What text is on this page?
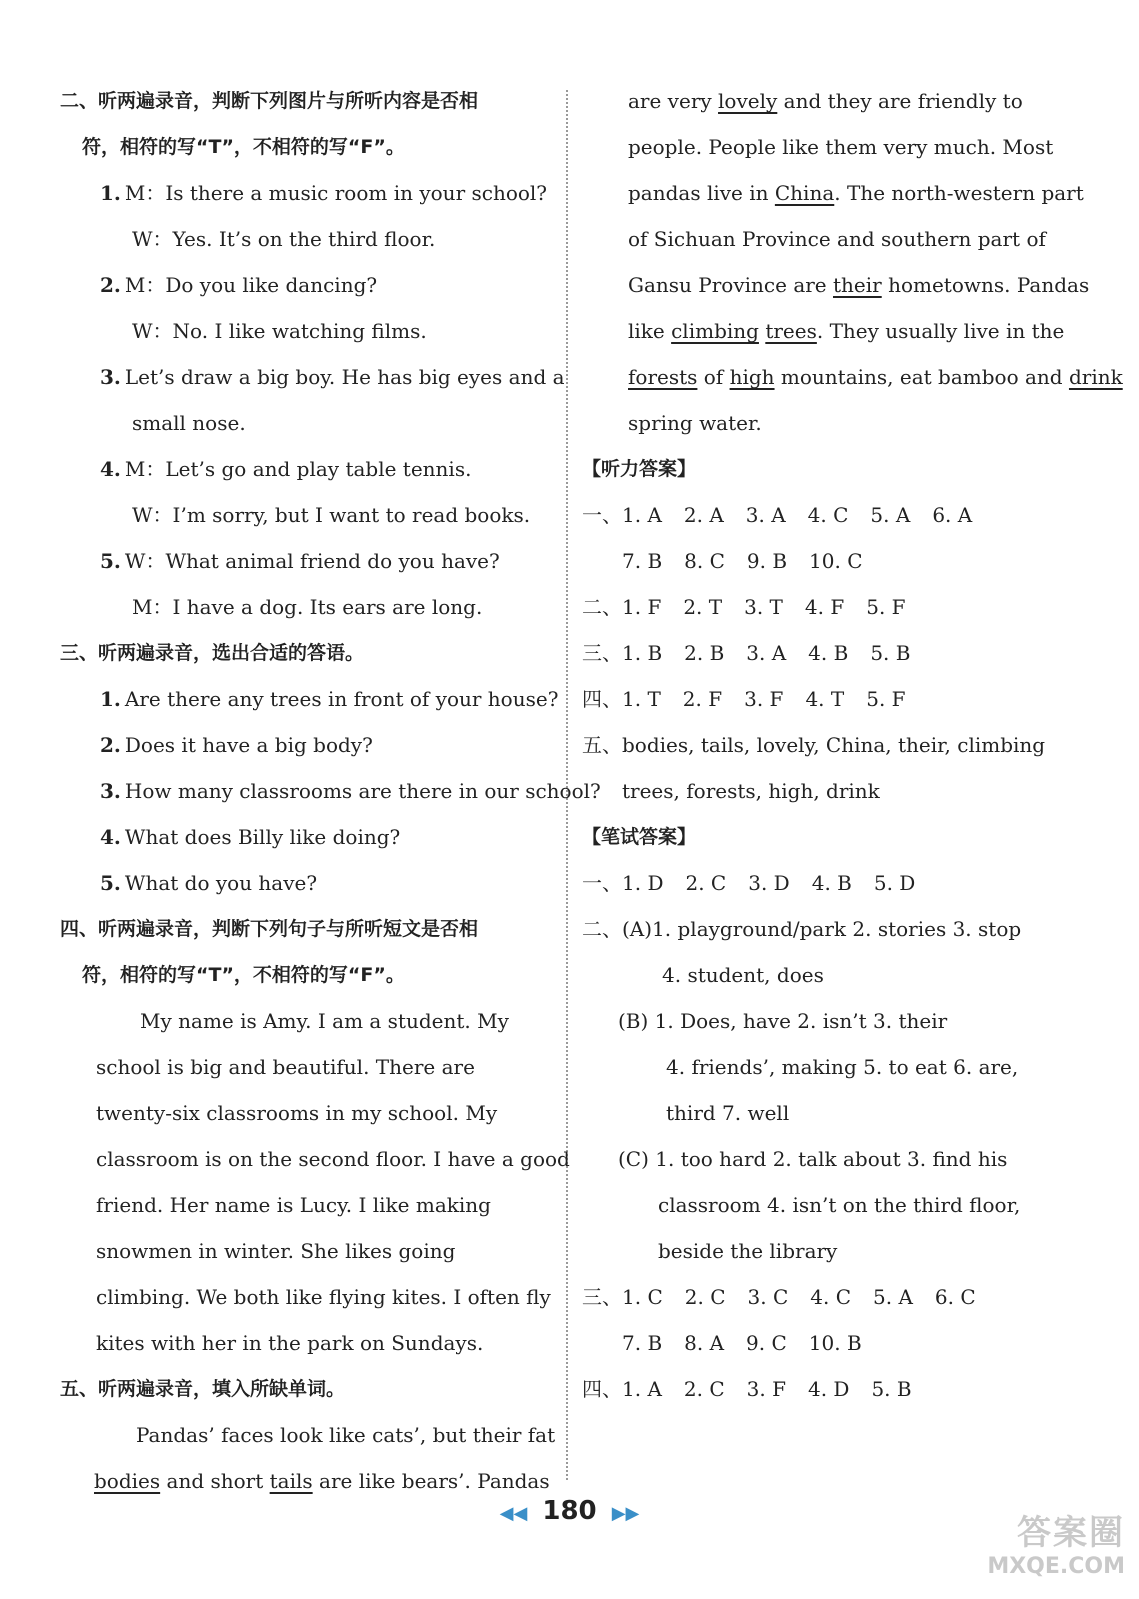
二、听两遍录音，判断下列图片与所听内容是否相
符，相符的写“T”，不相符的写“F”。
1. M：Is there a music room in your school?
W：Yes. It’s on the third floor.
2. M：Do you like dancing?
W：No. I like watching films.
3. Let’s draw a big boy. He has big eyes and a
small nose.
4. M：Let’s go and play table tennis.
W：I’m sorry, but I want to read books.
5. W：What animal friend do you have?
M：I have a dog. Its ears are long.
三、听两遍录音，选出合适的答语。
1. Are there any trees in front of your house?
2. Does it have a big body?
3. How many classrooms are there in our school?
4. What does Billy like doing?
5. What do you have?
四、听两遍录音，判断下列句子与所听短文是否相
符，相符的写“T”，不相符的写“F”。
My name is Amy. I am a student. My
school is big and beautiful. There are
twenty-six classrooms in my school. My
classroom is on the second floor. I have a good
friend. Her name is Lucy. I like making
snowmen in winter. She likes going
climbing. We both like flying kites. I often fly
kites with her in the park on Sundays.
五、听两遍录音，填入所缺单词。
Pandas’ faces look like cats’, but their fat
bodies and short tails are like bears’. Pandas
are very lovely and they are friendly to
people. People like them very much. Most
pandas live in China. The north-western part
of Sichuan Province and southern part of
Gansu Province are their hometowns. Pandas
like climbing trees. They usually live in the
forests of high mountains, eat bamboo and drink
spring water.
【听力答案】
一、1. A 2. A 3. A 4. C 5. A 6. A
7. B 8. C 9. B 10. C
二、1. F 2. T 3. T 4. F 5. F
三、1. B 2. B 3. A 4. B 5. B
四、1. T 2. F 3. F 4. T 5. F
五、bodies, tails, lovely, China, their, climbing
trees, forests, high, drink
【笔试答案】
一、1. D 2. C 3. D 4. B 5. D
二、(A)1. playground/park 2. stories 3. stop
4. student, does
(B) 1. Does, have 2. isn’t 3. their
4. friends’, making 5. to eat 6. are,
third 7. well
(C) 1. too hard 2. talk about 3. find his
classroom 4. isn’t on the third floor,
beside the library
三、1. C 2. C 3. C 4. C 5. A 6. C
7. B 8. A 9. C 10. B
四、1. A 2. C 3. F 4. D 5. B
◀◀ 180 ▶▶	答案圈
MXQE.COM
